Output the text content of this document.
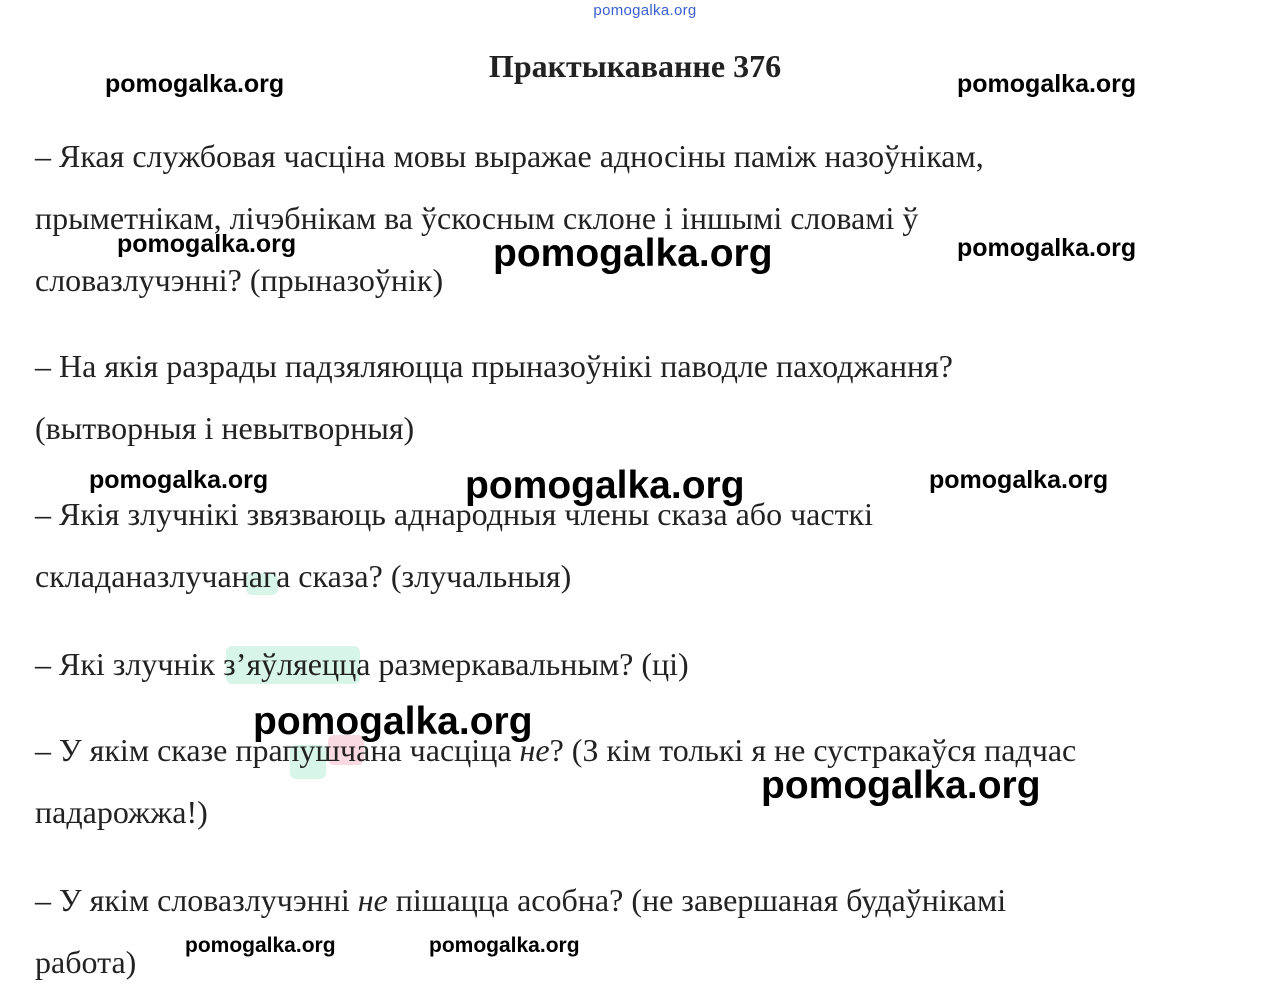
pomogalka.org
Практыкаванне 376
– Якая службовая часціна мовы выражае адносіны паміж назоўнікам,
прыметнікам, лічэбнікам ва ўскосным склоне і іншымі словамі ў
словазлучэнні? (прыназоўнік)
– На якія разрады падзяляюцца прыназоўнікі паводле паходжання?
(вытворныя і невытворныя)
– Якія злучнікі звязваюць аднародныя члены сказа або часткі
складаназлучанага сказа? (злучальныя)
– Які злучнік з’яўляецца размеркавальным? (ці)
– У якім сказе прапушчана часціца не? (З кім толькі я не сустракаўся падчас
падарожжа!)
– У якім словазлучэнні не пішацца асобна? (не завершаная будаўнікамі
работа)
pomogalka.org	pomogalka.org
pomogalka.org	pomogalka.org	pomogalka.org
pomogalka.org	pomogalka.org	pomogalka.org
pomogalka.org
pomogalka.org
pomogalka.org	pomogalka.org
